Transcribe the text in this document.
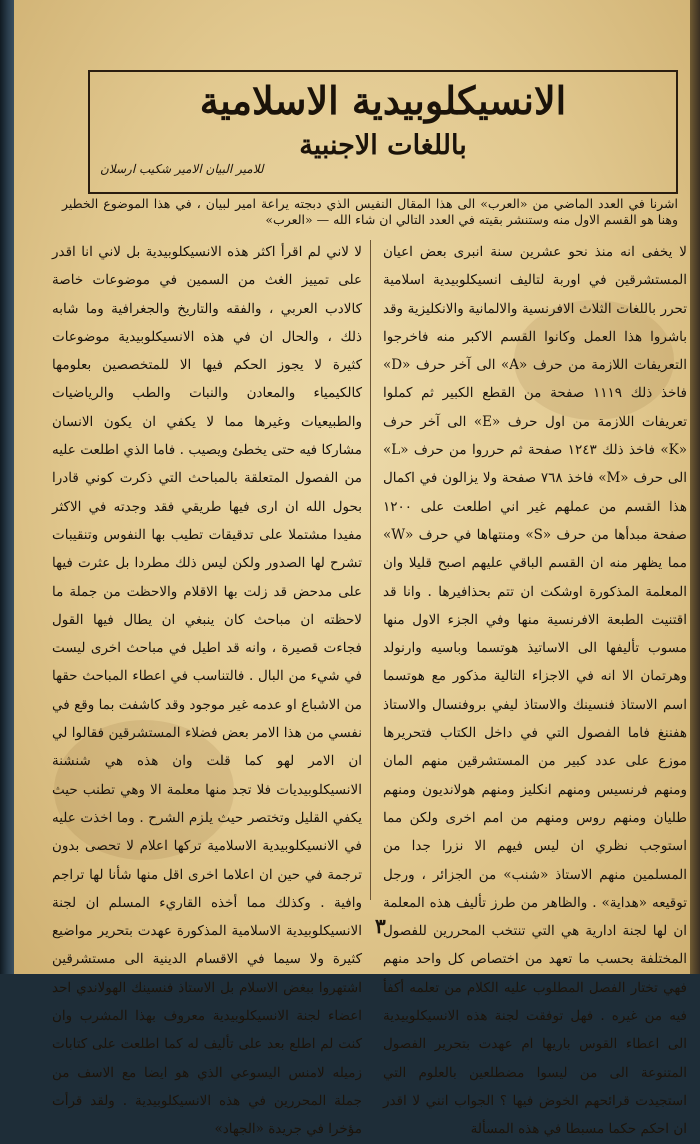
الانسيكلوبيدية الاسلامية
باللغات الاجنبية
للامير البيان الامير شكيب ارسلان
اشرنا في العدد الماضي من «العرب» الى هذا المقال النفيس الذي دبجته يراعة امير لبيان ، في هذا الموضوع الخطير وهنا هو القسم الاول منه وستنشر بقيته في العدد التالي ان شاء الله — «العرب»
لا يخفى انه منذ نحو عشرين سنة انبرى بعض اعيان المستشرقين في اوربة لتاليف انسيكلوبيدية اسلامية تحرر باللغات الثلاث الافرنسية والالمانية والانكليزية وقد باشروا هذا العمل وكانوا القسم الاكبر منه فاخرجوا التعريفات اللازمة من حرف «A» الى آخر حرف «D» فاخذ ذلك ١١١٩ صفحة من القطع الكبير ثم كملوا تعريفات اللازمة من اول حرف «E» الى آخر حرف «K» فاخذ ذلك ١٢٤٣ صفحة ثم حرروا من حرف «L» الى حرف «M» فاخذ ٧٦٨ صفحة ولا يزالون في اكمال هذا القسم من عملهم غير اني اطلعت على ١٢٠٠ صفحة مبدأها من حرف «S» ومنتهاها في حرف «W» مما يظهر منه ان القسم الباقي عليهم اصبح قليلا وان المعلمة المذكورة اوشكت ان تتم بحذافيرها . وانا قد اقتنيت الطبعة الافرنسية منها وفي الجزء الاول منها مسوب تأليفها الى الاساتيذ هوتسما وباسيه وارنولد وهرتمان الا انه في الاجزاء التالية مذكور مع هوتسما اسم الاستاذ فنسينك والاستاذ ليفي بروفنسال والاستاذ هفننغ فاما الفصول التي في داخل الكتاب فتحريرها موزع على عدد كبير من المستشرقين منهم المان ومنهم فرنسيس ومنهم انكليز ومنهم هولانديون ومنهم طليان ومنهم روس ومنهم من امم اخرى ولكن مما استوجب نظري ان ليس فيهم الا نزرا جدا من المسلمين منهم الاستاذ «شنب» من الجزائر ، ورجل توقيعه «هداية» . والظاهر من طرز تأليف هذه المعلمة ان لها لجنة ادارية هي التي تنتخب المحررين للفصول المختلفة بحسب ما تعهد من اختصاص كل واحد منهم فهي تختار الفصل المطلوب عليه الكلام من تعلمه أكفأ فيه من غيره . فهل توفقت لجنة هذه الانسيكلوبيدية الى اعطاء القوس باريها ام عهدت بتحرير الفصول المتنوعة الى من ليسوا مضطلعين بالعلوم التي استجيدت قرائحهم الخوض فيها ؟ الجواب انني لا اقدر ان احكم حكما مسبطا في هذه المسألة
لا لاني لم اقرأ اكثر هذه الانسيكلوبيدية بل لاني انا اقدر على تمييز الغث من السمين في موضوعات خاصة كالادب العربي ، والفقه والتاريخ والجغرافية وما شابه ذلك ، والحال ان في هذه الانسيكلوبيدية موضوعات كثيرة لا يجوز الحكم فيها الا للمتخصصين بعلومها كالكيمياء والمعادن والنبات والطب والرياضيات والطبيعيات وغيرها مما لا يكفي ان يكون الانسان مشاركا فيه حتى يخطئ ويصيب . فاما الذي اطلعت عليه من الفصول المتعلقة بالمباحث التي ذكرت كوني قادرا بحول الله ان ارى فيها طريقي فقد وجدته في الاكثر مفيدا مشتملا على تدقيقات تطيب بها النفوس وتنقيبات تشرح لها الصدور ولكن ليس ذلك مطردا بل عثرت فيها على مدحض قد زلت بها الاقلام والاحظت من جملة ما لاحظته ان مباحث كان ينبغي ان يطال فيها القول فجاءت قصيرة ، وانه قد اطيل في مباحث اخرى ليست في شيء من البال . فالتناسب في اعطاء المباحث حقها من الاشباع او عدمه غير موجود وقد كاشفت بما وقع في نفسي من هذا الامر بعض فضلاء المستشرقين فقالوا لي ان الامر لهو كما قلت وان هذه هي شنشنة الانسيكلوبيديات فلا تجد منها معلمة الا وهي تطنب حيث يكفي القليل وتختصر حيث يلزم الشرح . وما اخذت عليه في الانسيكلوبيدية الاسلامية تركها اعلام لا تحصى بدون ترجمة في حين ان اعلاما اخرى اقل منها شأنا لها تراجم وافية . وكذلك مما أخذه القاريء المسلم ان لجنة الانسيكلوبيدية الاسلامية المذكورة عهدت بتحرير مواضيع كثيرة ولا سيما في الاقسام الدينية الى مستشرقين اشتهروا ببغض الاسلام بل الاستاذ فنسينك الهولاندي احد اعضاء لجنة الانسيكلوبيدية معروف بهذا المشرب وان كنت لم اطلع بعد على تأليف له كما اطلعت على كتابات زميله لامنس اليسوعي الذي هو ايضا مع الاسف من جملة المحررين في هذه الانسيكلوبيدية . ولقد قرأت مؤخرا في جريدة «الجهاد»
٣
